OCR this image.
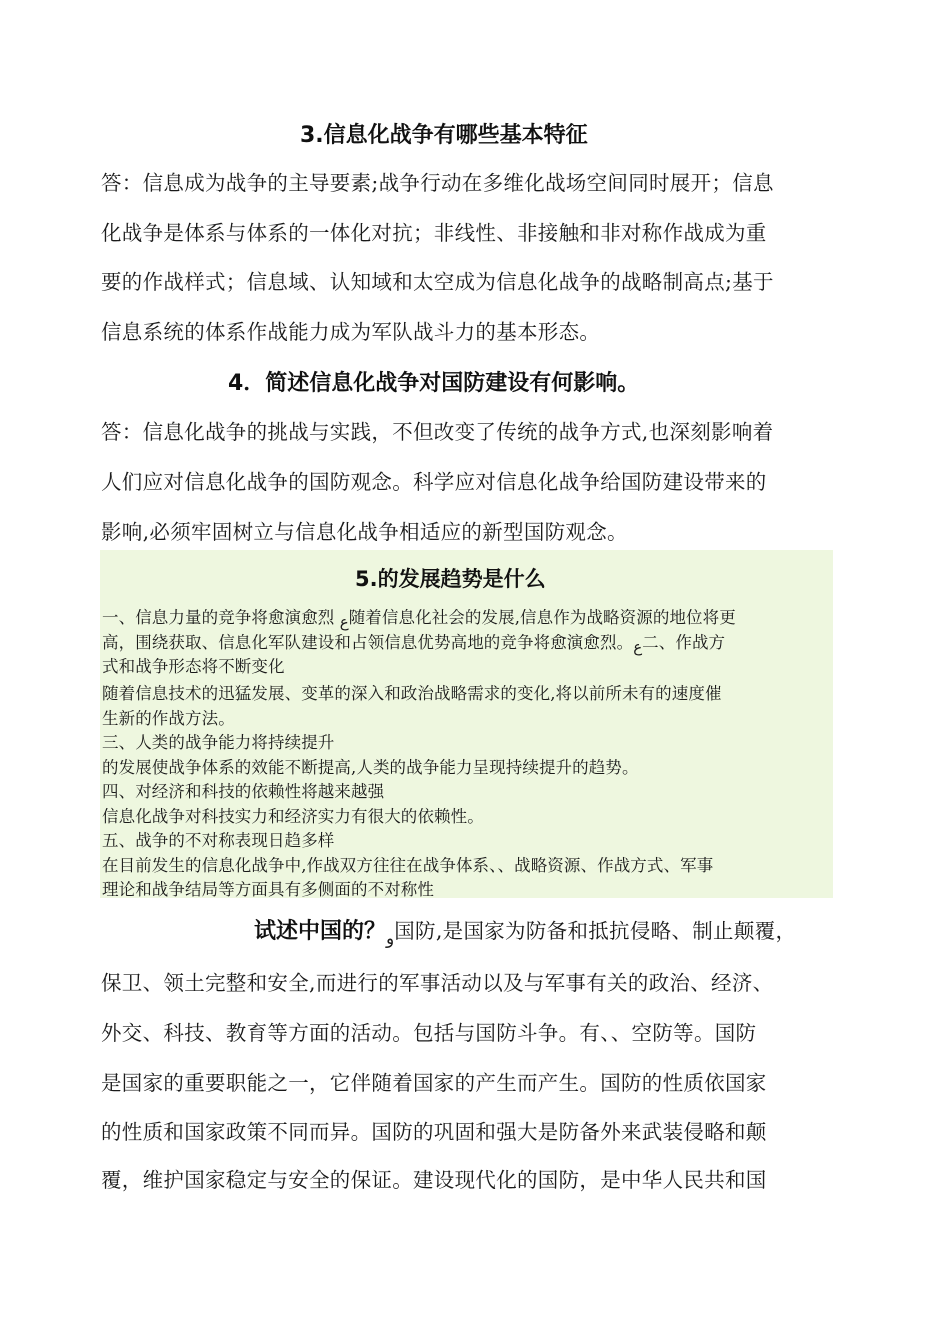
3.信息化战争有哪些基本特征
答：信息成为战争的主导要素;战争行动在多维化战场空间同时展开；信息
化战争是体系与体系的一体化对抗；非线性、非接触和非对称作战成为重
要的作战样式；信息域、认知域和太空成为信息化战争的战略制高点;基于
信息系统的体系作战能力成为军队战斗力的基本形态。
4．简述信息化战争对国防建设有何影响。
答：信息化战争的挑战与实践，不但改变了传统的战争方式,也深刻影响着
人们应对信息化战争的国防观念。科学应对信息化战争给国防建设带来的
影响,必须牢固树立与信息化战争相适应的新型国防观念。
5.的发展趋势是什么
一、信息力量的竞争将愈演愈烈 ع随着信息化社会的发展,信息作为战略资源的地位将更
高，围绕获取、信息化军队建设和占领信息优势高地的竞争将愈演愈烈。ع二、作战方
式和战争形态将不断变化
随着信息技术的迅猛发展、变革的深入和政治战略需求的变化,将以前所未有的速度催
生新的作战方法。
三、人类的战争能力将持续提升
的发展使战争体系的效能不断提高,人类的战争能力呈现持续提升的趋势。
四、对经济和科技的依赖性将越来越强
信息化战争对科技实力和经济实力有很大的依赖性。
五、战争的不对称表现日趋多样
在目前发生的信息化战争中,作战双方往往在战争体系、、战略资源、作战方式、军事
理论和战争结局等方面具有多侧面的不对称性
试述中国的？و国防,是国家为防备和抵抗侵略、制止颠覆，
保卫、领土完整和安全,而进行的军事活动以及与军事有关的政治、经济、
外交、科技、教育等方面的活动。包括与国防斗争。有、、空防等。国防
是国家的重要职能之一，它伴随着国家的产生而产生。国防的性质依国家
的性质和国家政策不同而异。国防的巩固和强大是防备外来武装侵略和颠
覆，维护国家稳定与安全的保证。建设现代化的国防，是中华人民共和国
